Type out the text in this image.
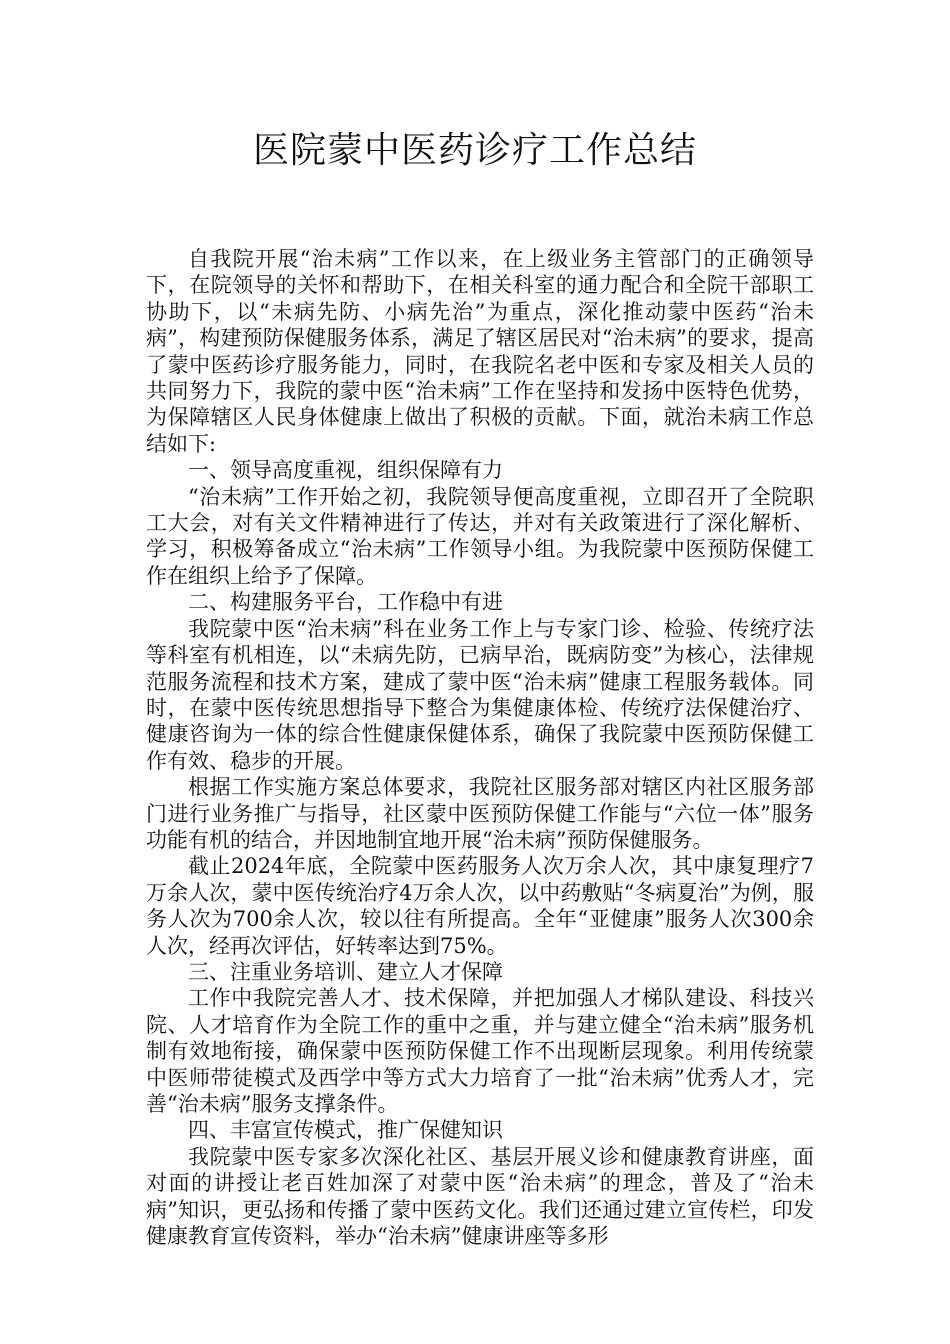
医院蒙中医药诊疗工作总结

自我院开展“治未病”工作以来，在上级业务主管部门的正确领导下，在院领导的关怀和帮助下，在相关科室的通力配合和全院干部职工协助下，以“未病先防、小病先治”为重点，深化推动蒙中医药“治未病”，构建预防保健服务体系，满足了辖区居民对“治未病”的要求，提高了蒙中医药诊疗服务能力，同时，在我院名老中医和专家及相关人员的共同努力下，我院的蒙中医“治未病”工作在坚持和发扬中医特色优势，为保障辖区人民身体健康上做出了积极的贡献。下面，就治未病工作总结如下:

一、领导高度重视，组织保障有力

“治未病”工作开始之初，我院领导便高度重视，立即召开了全院职工大会，对有关文件精神进行了传达，并对有关政策进行了深化解析、学习，积极筹备成立“治未病”工作领导小组。为我院蒙中医预防保健工作在组织上给予了保障。

二、构建服务平台，工作稳中有进

我院蒙中医“治未病”科在业务工作上与专家门诊、检验、传统疗法等科室有机相连，以“未病先防，已病早治，既病防变”为核心，法律规范服务流程和技术方案，建成了蒙中医“治未病”健康工程服务载体。同时，在蒙中医传统思想指导下整合为集健康体检、传统疗法保健治疗、健康咨询为一体的综合性健康保健体系，确保了我院蒙中医预防保健工作有效、稳步的开展。

根据工作实施方案总体要求，我院社区服务部对辖区内社区服务部门进行业务推广与指导，社区蒙中医预防保健工作能与“六位一体”服务功能有机的结合，并因地制宜地开展“治未病”预防保健服务。

截止2024年底，全院蒙中医药服务人次万余人次，其中康复理疗7万余人次，蒙中医传统治疗4万余人次，以中药敷贴“冬病夏治”为例，服务人次为700余人次，较以往有所提高。全年“亚健康”服务人次300余人次，经再次评估，好转率达到75%。

三、注重业务培训、建立人才保障

工作中我院完善人才、技术保障，并把加强人才梯队建设、科技兴院、人才培育作为全院工作的重中之重，并与建立健全“治未病”服务机制有效地衔接，确保蒙中医预防保健工作不出现断层现象。利用传统蒙中医师带徒模式及西学中等方式大力培育了一批“治未病”优秀人才，完善“治未病”服务支撑条件。

四、丰富宣传模式，推广保健知识

我院蒙中医专家多次深化社区、基层开展义诊和健康教育讲座，面对面的讲授让老百姓加深了对蒙中医“治未病”的理念，普及了“治未病”知识，更弘扬和传播了蒙中医药文化。我们还通过建立宣传栏，印发健康教育宣传资料，举办“治未病”健康讲座等多形
